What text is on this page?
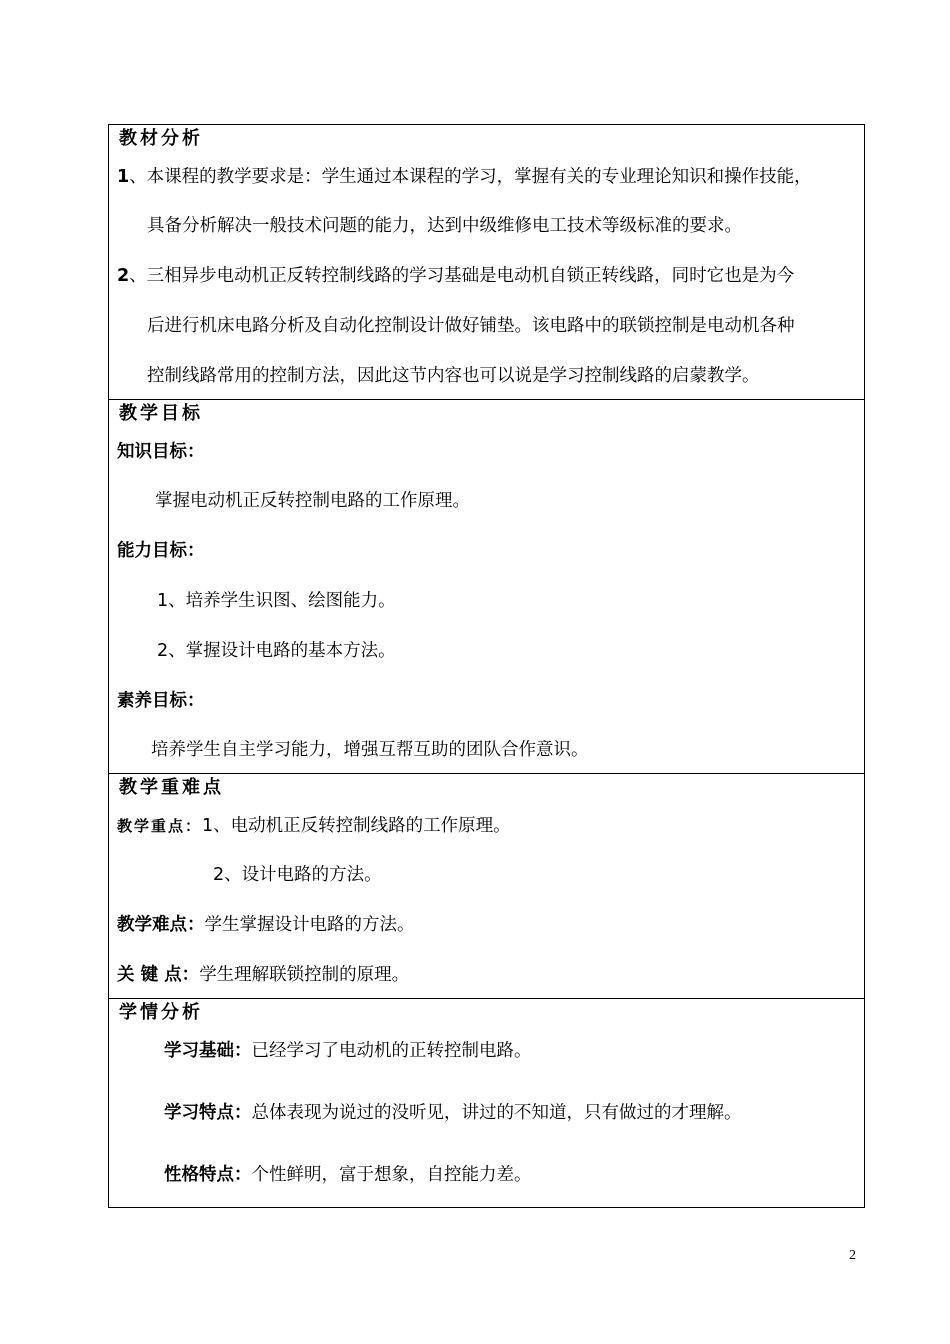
教材分析
1、本课程的教学要求是：学生通过本课程的学习，掌握有关的专业理论知识和操作技能，
具备分析解决一般技术问题的能力，达到中级维修电工技术等级标准的要求。
2、三相异步电动机正反转控制线路的学习基础是电动机自锁正转线路，同时它也是为今
后进行机床电路分析及自动化控制设计做好铺垫。该电路中的联锁控制是电动机各种
控制线路常用的控制方法，因此这节内容也可以说是学习控制线路的启蒙教学。

教学目标
知识目标：
掌握电动机正反转控制电路的工作原理。
能力目标：
1、培养学生识图、绘图能力。
2、掌握设计电路的基本方法。
素养目标：
培养学生自主学习能力，增强互帮互助的团队合作意识。

教学重难点
教学重点：1、电动机正反转控制线路的工作原理。
2、设计电路的方法。
教学难点：学生掌握设计电路的方法。
关 键 点：学生理解联锁控制的原理。

学情分析
学习基础：已经学习了电动机的正转控制电路。
学习特点：总体表现为说过的没听见，讲过的不知道，只有做过的才理解。
性格特点：个性鲜明，富于想象，自控能力差。
2
